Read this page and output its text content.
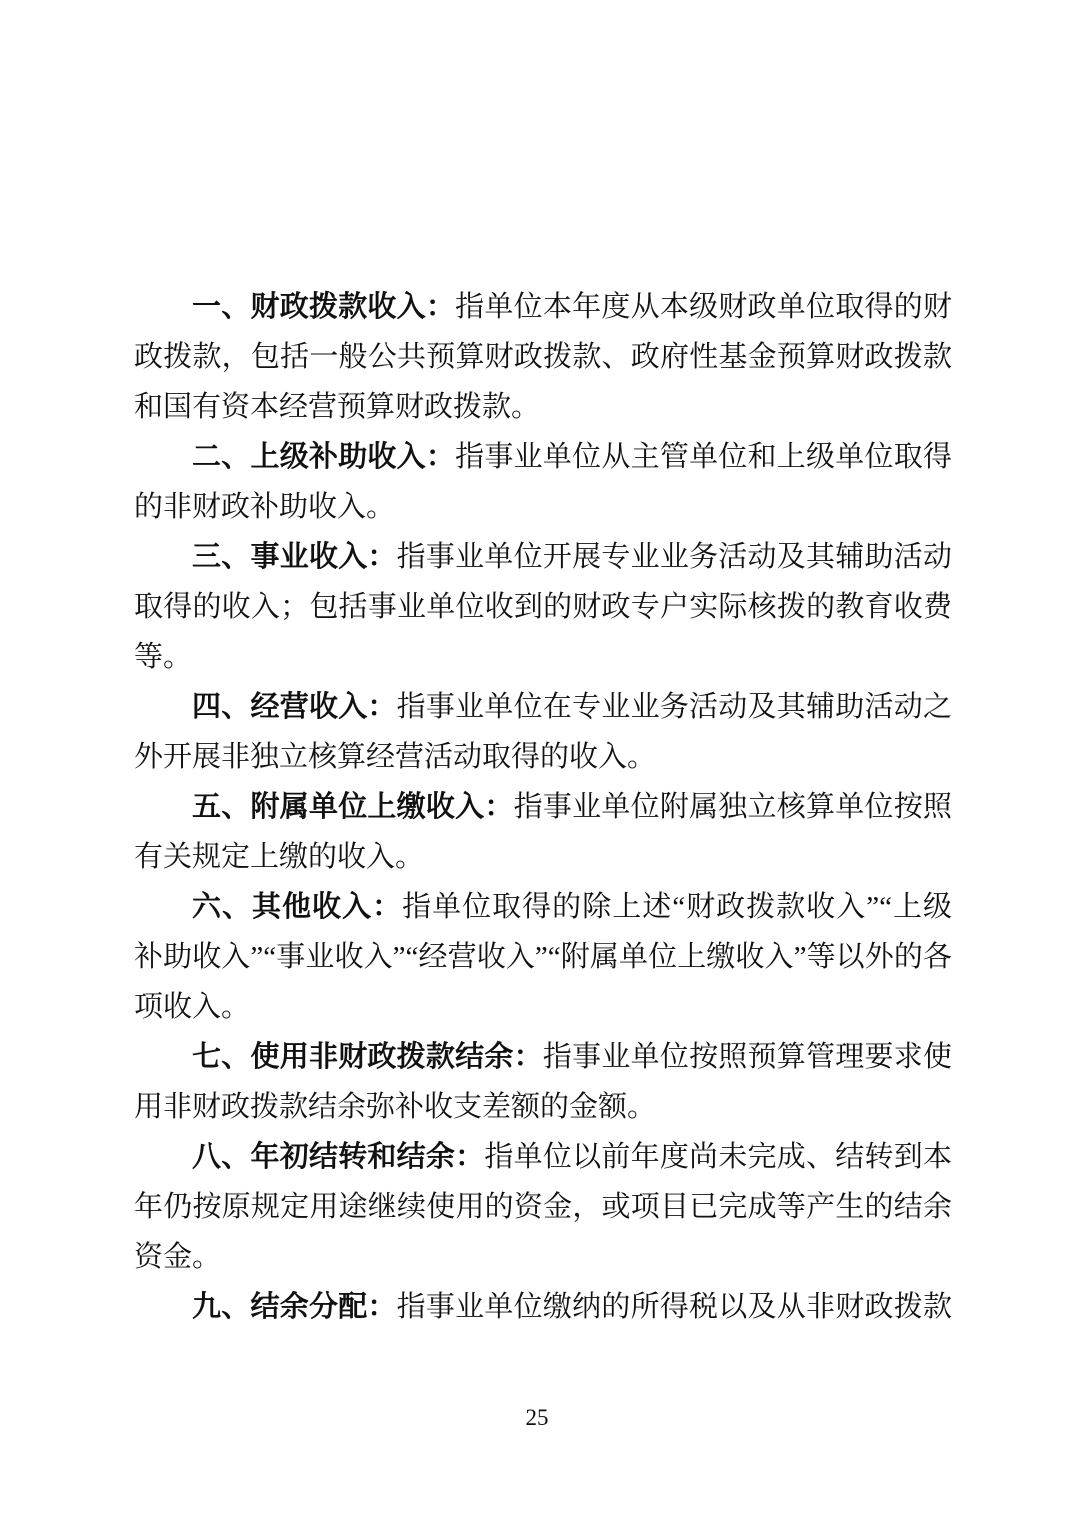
一、财政拨款收入：指单位本年度从本级财政单位取得的财政拨款，包括一般公共预算财政拨款、政府性基金预算财政拨款和国有资本经营预算财政拨款。

二、上级补助收入：指事业单位从主管单位和上级单位取得的非财政补助收入。

三、事业收入：指事业单位开展专业业务活动及其辅助活动取得的收入；包括事业单位收到的财政专户实际核拨的教育收费等。

四、经营收入：指事业单位在专业业务活动及其辅助活动之外开展非独立核算经营活动取得的收入。

五、附属单位上缴收入：指事业单位附属独立核算单位按照有关规定上缴的收入。

六、其他收入：指单位取得的除上述“财政拨款收入”“上级补助收入”“事业收入”“经营收入”“附属单位上缴收入”等以外的各项收入。

七、使用非财政拨款结余：指事业单位按照预算管理要求使用非财政拨款结余弥补收支差额的金额。

八、年初结转和结余：指单位以前年度尚未完成、结转到本年仍按原规定用途继续使用的资金，或项目已完成等产生的结余资金。

九、结余分配：指事业单位缴纳的所得税以及从非财政拨款

25
